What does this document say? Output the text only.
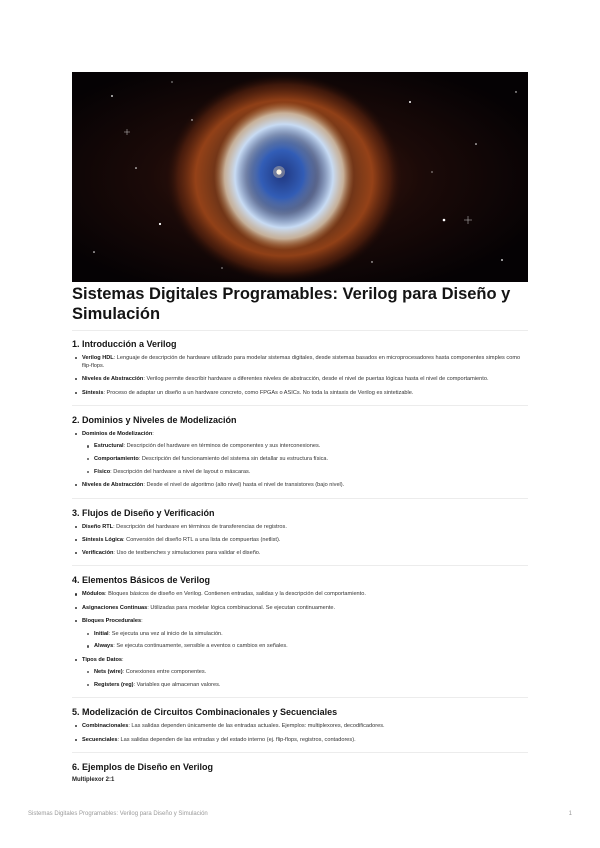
Sistemas Digitales Programables: Verilog para Diseño y Simulación
1. Introducción a Verilog
Verilog HDL: Lenguaje de descripción de hardware utilizado para modelar sistemas digitales, desde sistemas basados en microprocesadores hasta componentes simples como flip-flops.
Niveles de Abstracción: Verilog permite describir hardware a diferentes niveles de abstracción, desde el nivel de puertas lógicas hasta el nivel de comportamiento.
Síntesis: Proceso de adaptar un diseño a un hardware concreto, como FPGAs o ASICs. No toda la sintaxis de Verilog es sintetizable.
2. Dominios y Niveles de Modelización
Dominios de Modelización:
Estructural: Descripción del hardware en términos de componentes y sus interconexiones.
Comportamiento: Descripción del funcionamiento del sistema sin detallar su estructura física.
Físico: Descripción del hardware a nivel de layout o máscaras.
Niveles de Abstracción: Desde el nivel de algoritmo (alto nivel) hasta el nivel de transistores (bajo nivel).
3. Flujos de Diseño y Verificación
Diseño RTL: Descripción del hardware en términos de transferencias de registros.
Síntesis Lógica: Conversión del diseño RTL a una lista de compuertas (netlist).
Verificación: Uso de testbenches y simulaciones para validar el diseño.
4. Elementos Básicos de Verilog
Módulos: Bloques básicos de diseño en Verilog. Contienen entradas, salidas y la descripción del comportamiento.
Asignaciones Continuas: Utilizadas para modelar lógica combinacional. Se ejecutan continuamente.
Bloques Procedurales:
Initial: Se ejecuta una vez al inicio de la simulación.
Always: Se ejecuta continuamente, sensible a eventos o cambios en señales.
Tipos de Datos:
Nets (wire): Conexiones entre componentes.
Registers (reg): Variables que almacenan valores.
5. Modelización de Circuitos Combinacionales y Secuenciales
Combinacionales: Las salidas dependen únicamente de las entradas actuales. Ejemplos: multiplexores, decodificadores.
Secuenciales: Las salidas dependen de las entradas y del estado interno (ej. flip-flops, registros, contadores).
6. Ejemplos de Diseño en Verilog
Multiplexor 2:1
Sistemas Digitales Programables: Verilog para Diseño y Simulación	1
